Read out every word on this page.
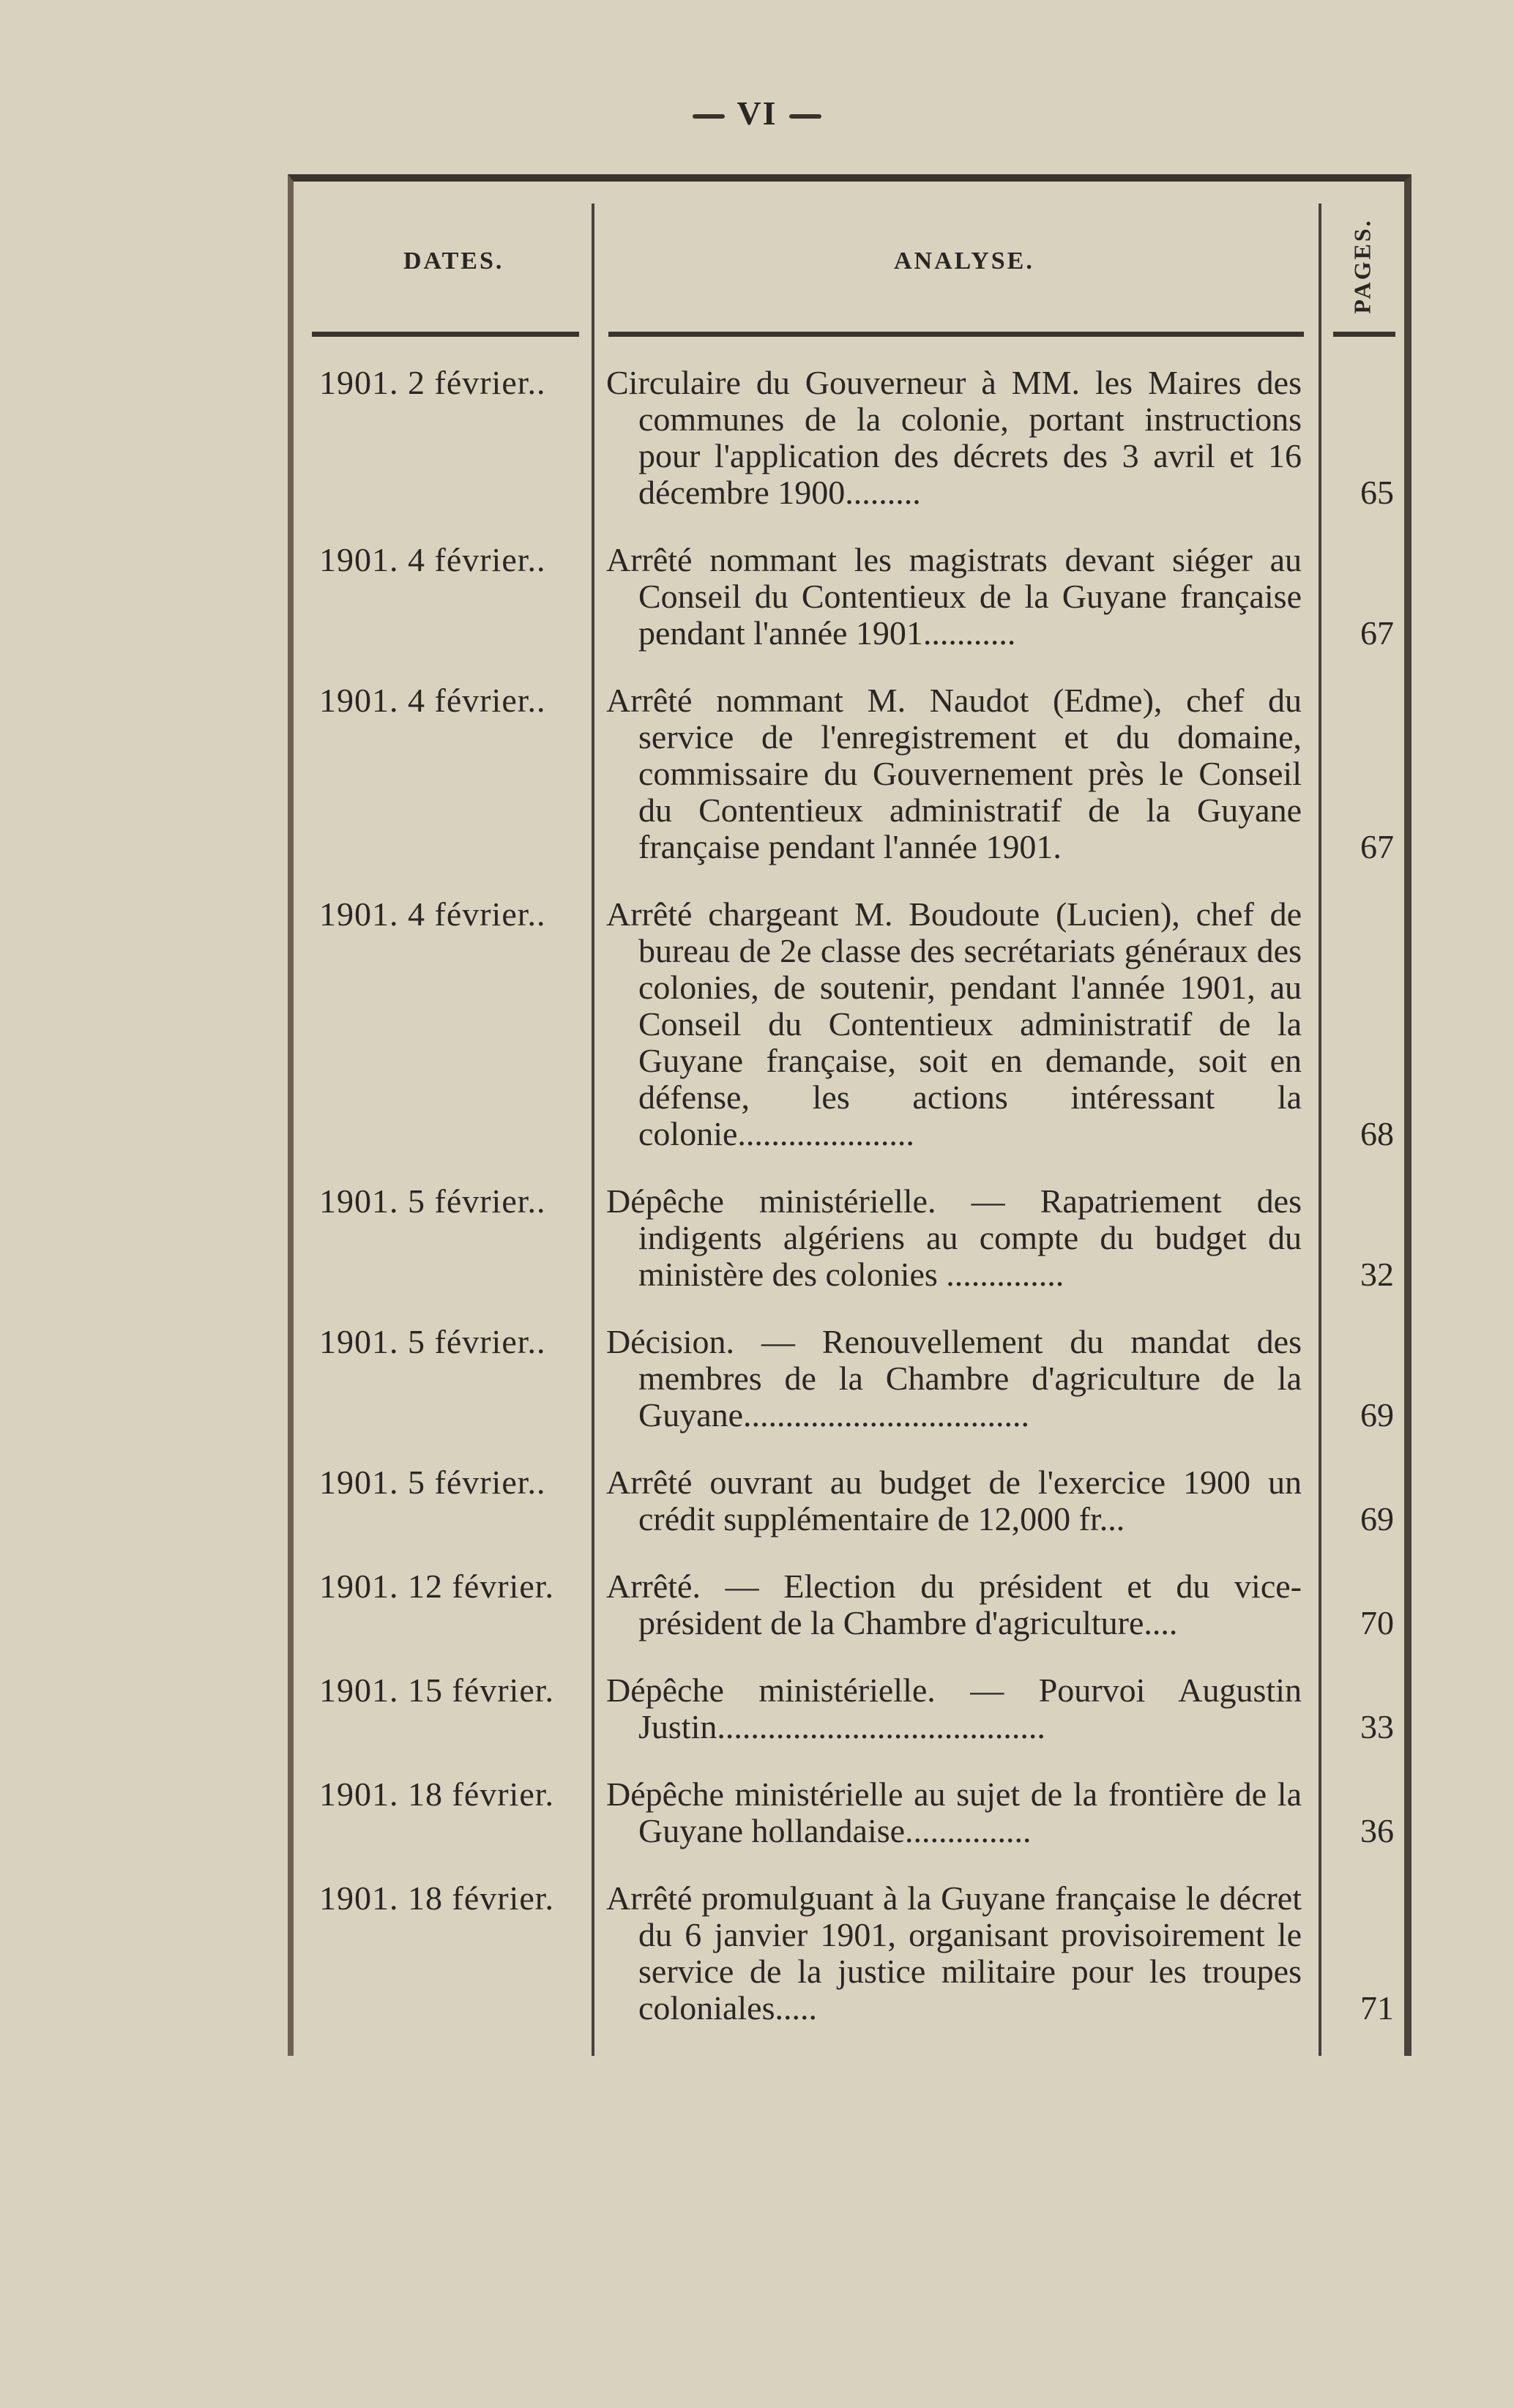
VI
DATES.	ANALYSE.	PAGES.
1901. 2 février..	Circulaire du Gouverneur à MM. les Maires des communes de la colonie, portant instructions pour l'application des décrets des 3 avril et 16 décembre 1900.........	65
1901. 4 février..	Arrêté nommant les magistrats devant siéger au Conseil du Contentieux de la Guyane française pendant l'année 1901...........	67
1901. 4 février..	Arrêté nommant M. Naudot (Edme), chef du service de l'enregistrement et du domaine, commissaire du Gouvernement près le Conseil du Contentieux administratif de la Guyane française pendant l'année 1901.	67
1901. 4 février..	Arrêté chargeant M. Boudoute (Lucien), chef de bureau de 2e classe des secrétariats généraux des colonies, de soutenir, pendant l'année 1901, au Conseil du Contentieux administratif de la Guyane française, soit en demande, soit en défense, les actions intéressant la colonie.....................	68
1901. 5 février..	Dépêche ministérielle. — Rapatriement des indigents algériens au compte du budget du ministère des colonies ..............	32
1901. 5 février..	Décision. — Renouvellement du mandat des membres de la Chambre d'agriculture de la Guyane..................................	69
1901. 5 février..	Arrêté ouvrant au budget de l'exercice 1900 un crédit supplémentaire de 12,000 fr...	69
1901. 12 février.	Arrêté. — Election du président et du vice-président de la Chambre d'agriculture....	70
1901. 15 février.	Dépêche ministérielle. — Pourvoi Augustin Justin.......................................	33
1901. 18 février.	Dépêche ministérielle au sujet de la frontière de la Guyane hollandaise...............	36
1901. 18 février.	Arrêté promulguant à la Guyane française le décret du 6 janvier 1901, organisant provisoirement le service de la justice militaire pour les troupes coloniales.....	71
